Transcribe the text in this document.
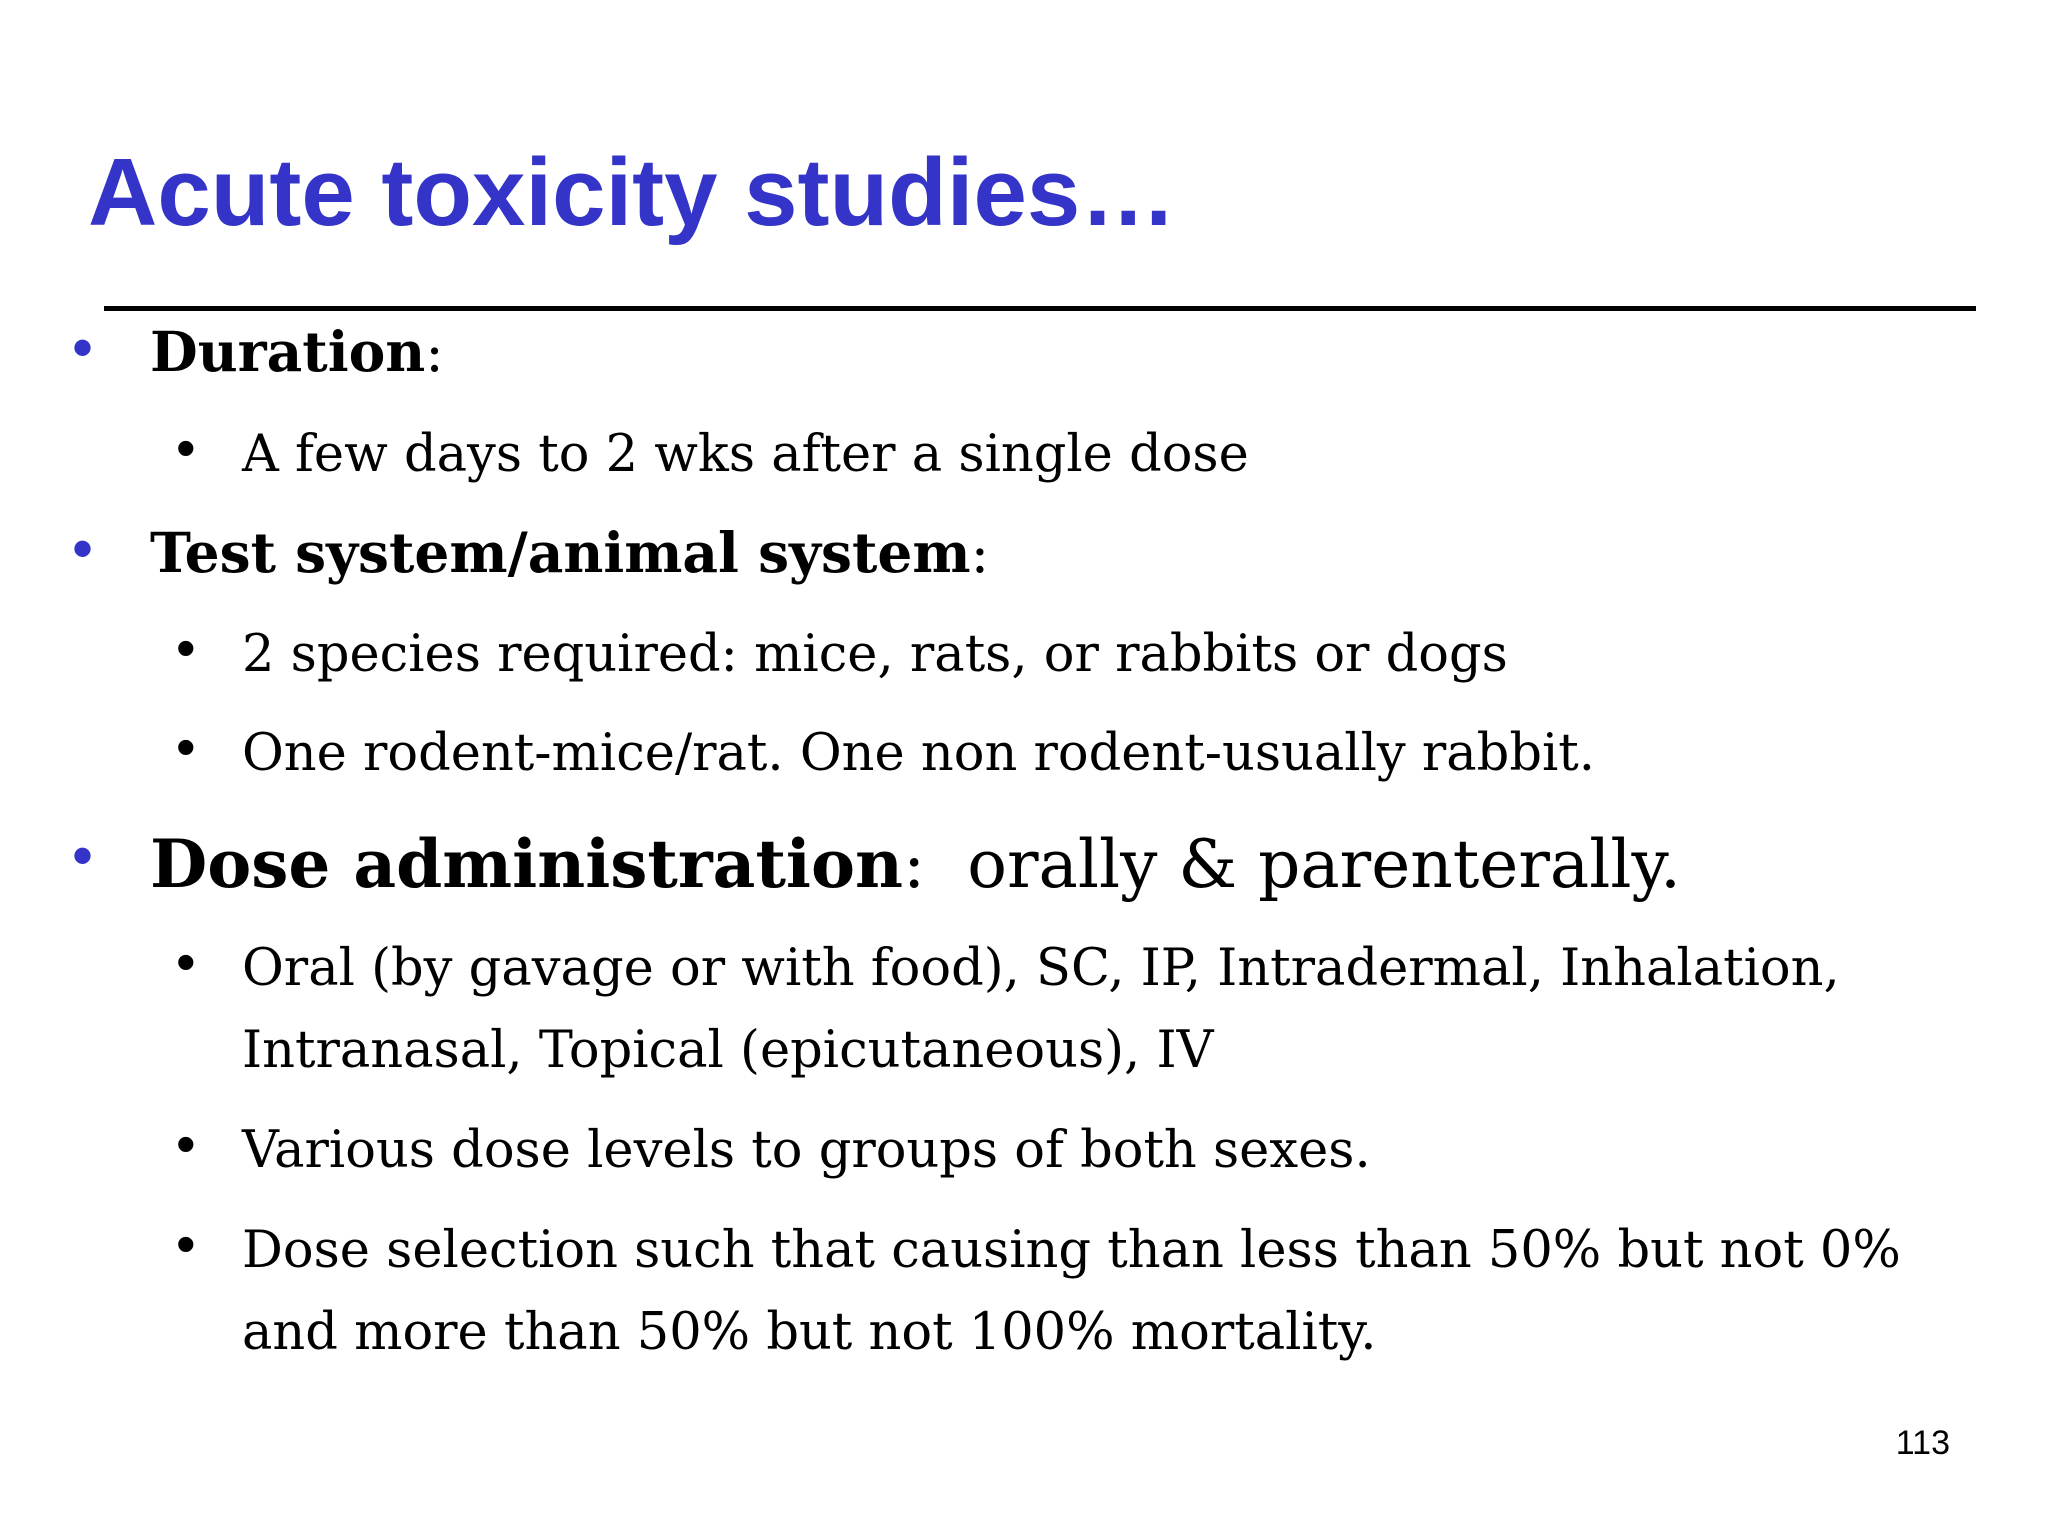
Acute toxicity studies…
• Duration:
• A few days to 2 wks after a single dose
• Test system/animal system:
• 2 species required: mice, rats, or rabbits or dogs
• One rodent-mice/rat. One non rodent-usually rabbit.
• Dose administration:  orally & parenterally.
• Oral (by gavage or with food), SC, IP, Intradermal, Inhalation, Intranasal, Topical (epicutaneous), IV
• Various dose levels to groups of both sexes.
• Dose selection such that causing than less than 50% but not 0% and more than 50% but not 100% mortality.
113
